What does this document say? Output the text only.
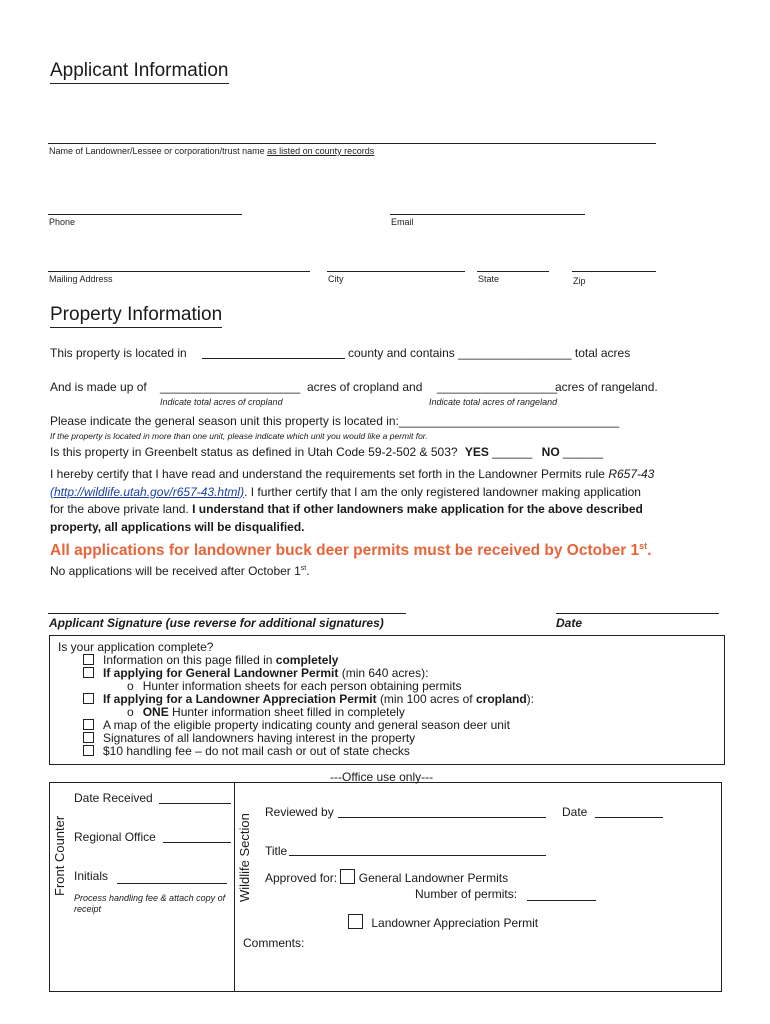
Applicant Information
Name of Landowner/Lessee or corporation/trust name as listed on county records
Phone	Email
Mailing Address	City	State	Zip
Property Information
This property is located in	county and contains _________________ total acres
And is made up of _____________________ acres of cropland and __________________
acres of rangeland.
Indicate total acres of cropland	Indicate total acres of rangeland
Please indicate the general season unit this property is located in:_________________________________
If the property is located in more than one unit, please indicate which unit you would like a permit for.
Is this property in Greenbelt status as defined in Utah Code 59-2-502 & 503? YES ______ NO ______
I hereby certify that I have read and understand the requirements set forth in the Landowner Permits rule R657-43
(http://wildlife.utah.gov/r657-43.html). I further certify that I am the only registered landowner making application
for the above private land. I understand that if other landowners make application for the above described
property, all applications will be disqualified.
All applications for landowner buck deer permits must be received by October 1st.
No applications will be received after October 1st.
Applicant Signature (use reverse for additional signatures)	Date
Is your application complete?
Information on this page filled in completely
If applying for General Landowner Permit (min 640 acres):
o Hunter information sheets for each person obtaining permits
If applying for a Landowner Appreciation Permit (min 100 acres of cropland):
o ONE Hunter information sheet filled in completely
A map of the eligible property indicating county and general season deer unit
Signatures of all landowners having interest in the property
$10 handling fee – do not mail cash or out of state checks
---Office use only---
Front Counter
Date Received
Regional Office
Initials
Process handling fee & attach copy of receipt
Wildlife Section
Reviewed by	Date
Title
Approved for: General Landowner Permits
Number of permits:
Landowner Appreciation Permit
Comments:
